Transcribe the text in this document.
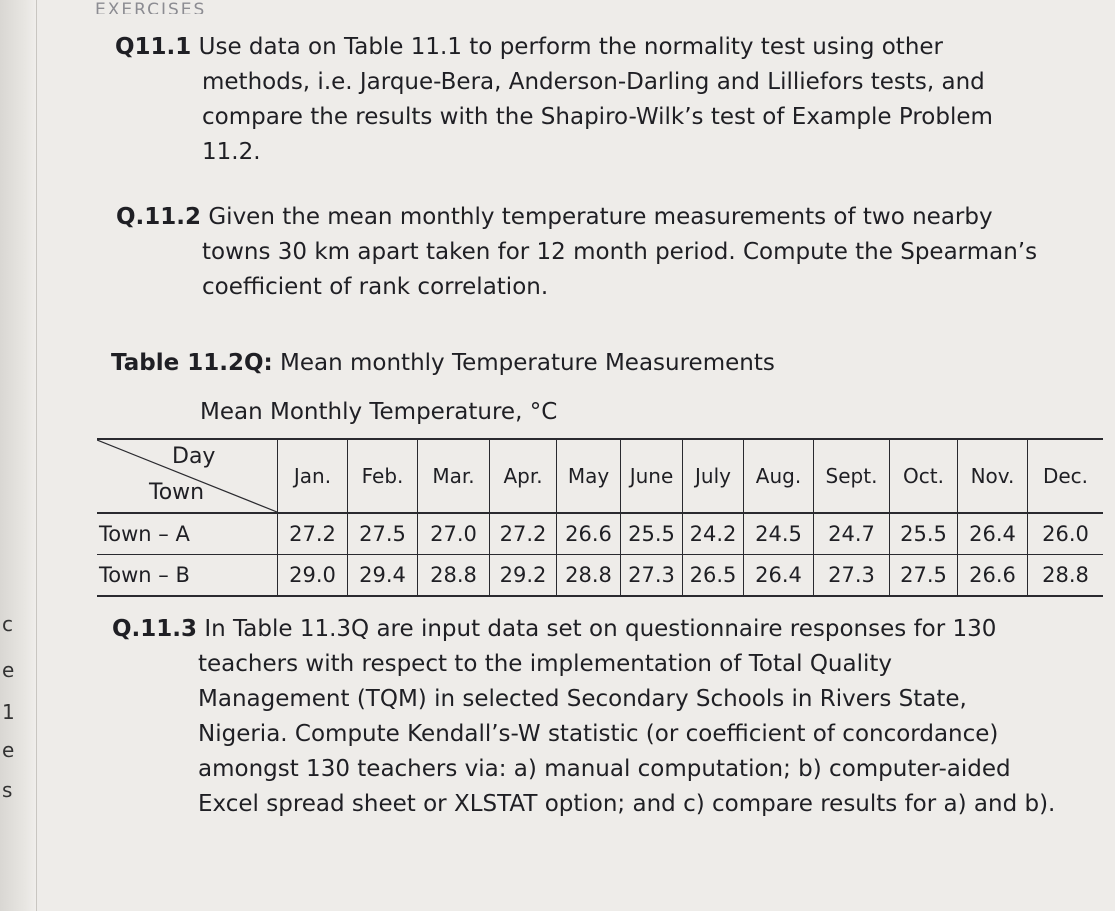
c
e
1
e
s
EXERCISES
Q11.1 Use data on Table 11.1 to perform the normality test using other
methods, i.e. Jarque-Bera, Anderson-Darling and Lilliefors tests, and
compare the results with the Shapiro-Wilk’s test of Example Problem
11.2.
Q.11.2 Given the mean monthly temperature measurements of two nearby
towns 30 km apart taken for 12 month period. Compute the Spearman’s
coefficient of rank correlation.
Table 11.2Q: Mean monthly Temperature Measurements
Mean Monthly Temperature, °C
Day
Town
Jan.	Feb.	Mar.	Apr.	May	June	July	Aug.	Sept.	Oct.	Nov.	Dec.
Town – A	27.2	27.5	27.0	27.2 26.6 25.5 24.2 24.5	24.7	25.5	26.4	26.0
Town – B	29.0	29.4	28.8	29.2 28.8 27.3 26.5 26.4	27.3	27.5	26.6	28.8
Q.11.3 In Table 11.3Q are input data set on questionnaire responses for 130
teachers with respect to the implementation of Total Quality
Management (TQM) in selected Secondary Schools in Rivers State,
Nigeria. Compute Kendall’s-W statistic (or coefficient of concordance)
amongst 130 teachers via: a) manual computation; b) computer-aided
Excel spread sheet or XLSTAT option; and c) compare results for a) and b).
